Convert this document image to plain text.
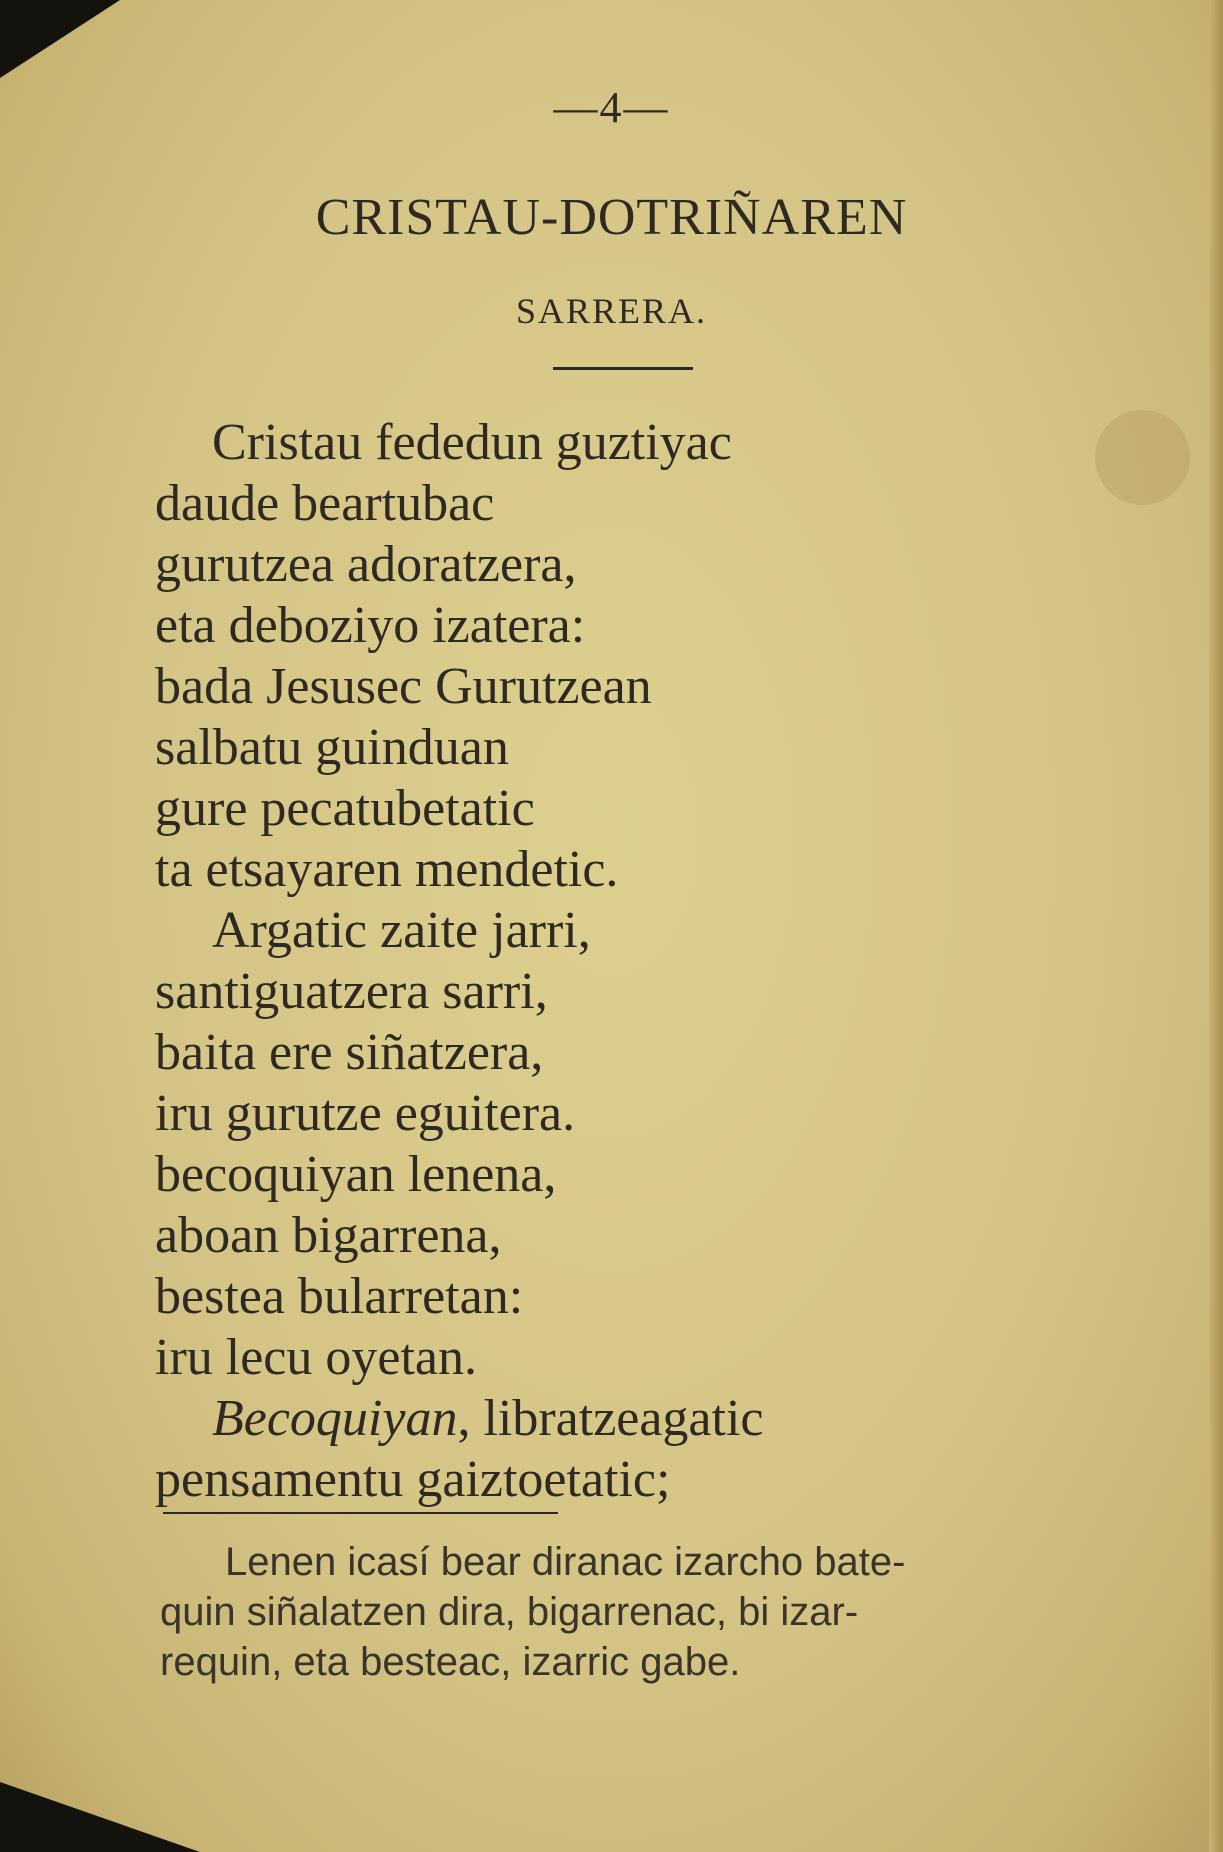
—4—
CRISTAU-DOTRIÑAREN
SARRERA.
Cristau fededun guztiyac
daude beartubac
gurutzea adoratzera,
eta deboziyo izatera:
bada Jesusec Gurutzean
salbatu guinduan
gure pecatubetatic
ta etsayaren mendetic.
Argatic zaite jarri,
santiguatzera sarri,
baita ere siñatzera,
iru gurutze eguitera.
becoquiyan lenena,
aboan bigarrena,
bestea bularretan:
iru lecu oyetan.
Becoquiyan, libratzeagatic
pensamentu gaiztoetatic;
Lenen icasí bear diranac izarcho bate-
quin siñalatzen dira, bigarrenac, bi izar-
requin, eta besteac, izarric gabe.
